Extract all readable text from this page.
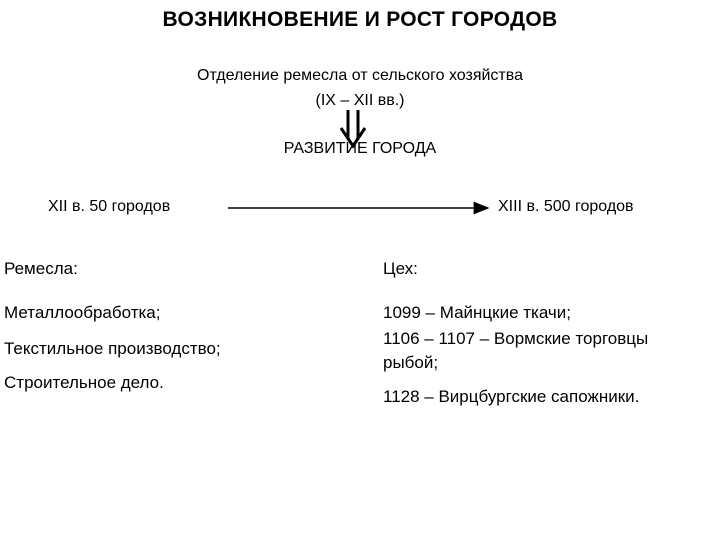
ВОЗНИКНОВЕНИЕ И РОСТ ГОРОДОВ
Отделение ремесла от сельского хозяйства
(IX – XII вв.)
РАЗВИТИЕ ГОРОДА
XII в. 50 городов	XIII в. 500 городов
Ремесла:
Металлообработка;
Текстильное производство;
Строительное дело.
Цех:
1099 – Майнцкие ткачи;
1106 – 1107 – Вормские торговцы
рыбой;
1128 – Вирцбургские сапожники.
